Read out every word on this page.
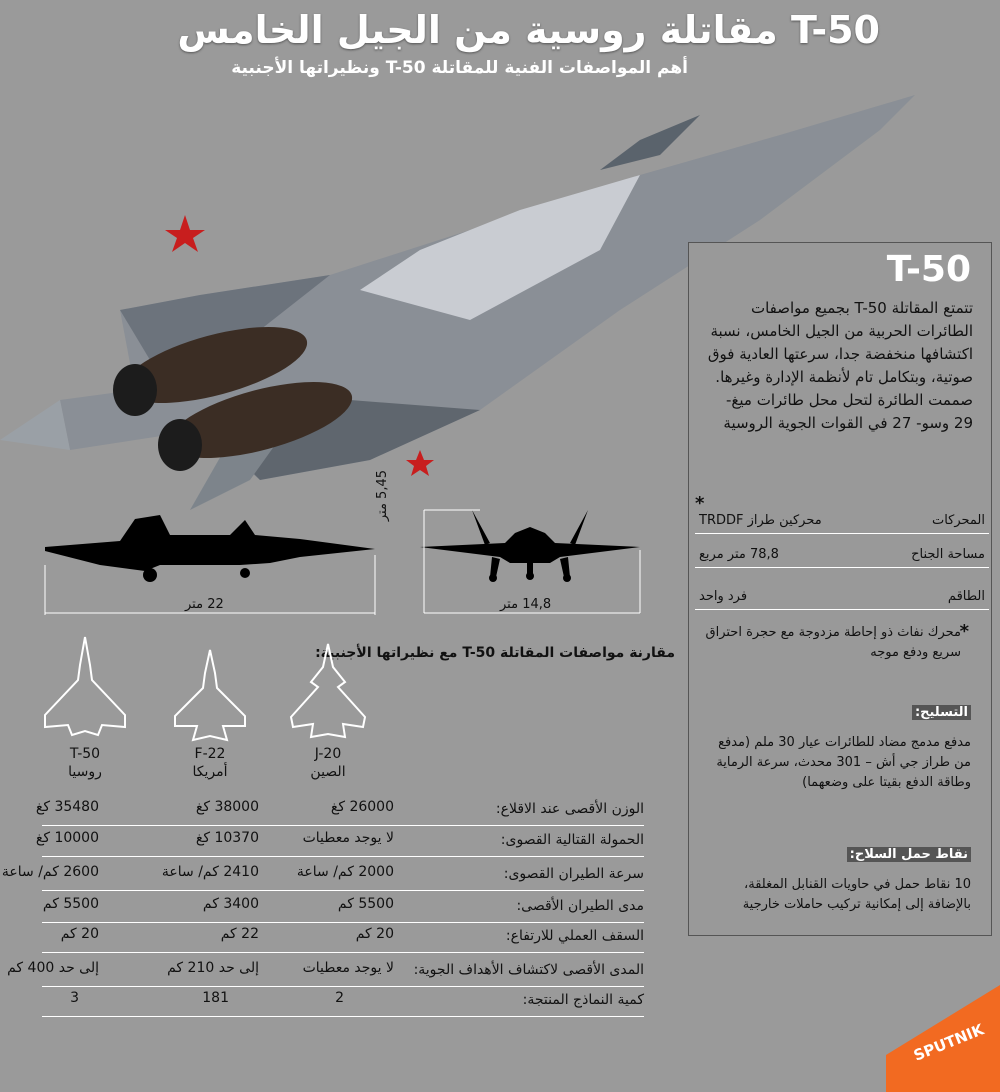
T-50 مقاتلة روسية من الجيل الخامس
أهم المواصفات الفنية للمقاتلة T-50 ونظيراتها الأجنبية
T-50
تتمتع المقاتلة T-50 بجميع مواصفات الطائرات الحربية من الجيل الخامس، نسبة اكتشافها منخفضة جدا، سرعتها العادية فوق صوتية، وبتكامل تام لأنظمة الإدارة وغيرها. صممت الطائرة لتحل محل طائرات ميغ- 29 وسو- 27 في القوات الجوية الروسية
*
المحركات
محركين طراز TRDDF
مساحة الجناح
78,8 متر مربع
الطاقم
فرد واحد
*
محرك نفاث ذو إحاطة مزدوجة مع حجرة احتراق سريع ودفع موجه
التسليح:
مدفع مدمج مضاد للطائرات عيار 30 ملم (مدفع من طراز جي أش – 301 محدث، سرعة الرماية وطاقة الدفع بقيتا على وضعهما)
نقاط حمل السلاح:
10 نقاط حمل في حاويات القنابل المغلقة، بالإضافة إلى إمكانية تركيب حاملات خارجية
22 متر	14,8 متر
5,45 متر
مقارنة مواصفات المقاتلة T-50 مع نظيراتها الأجنبية:
T-50
روسيا
F-22
أمريكا
J-20
الصين
الوزن الأقصى عند الاقلاع:
26000 كغ
38000 كغ
35480 كغ
الحمولة القتالية القصوى:
لا يوجد معطيات
10370 كغ
10000 كغ
سرعة الطيران القصوى:
2000 كم/ ساعة
2410 كم/ ساعة
2600 كم/ ساعة
مدى الطيران الأقصى:
5500 كم
3400 كم
5500 كم
السقف العملي للارتفاع:
20 كم
22 كم
20 كم
المدى الأقصى لاكتشاف الأهداف الجوية:
لا يوجد معطيات
إلى حد 210 كم
إلى حد 400 كم
كمية النماذج المنتجة:
2
181
3
SPUTNIK
